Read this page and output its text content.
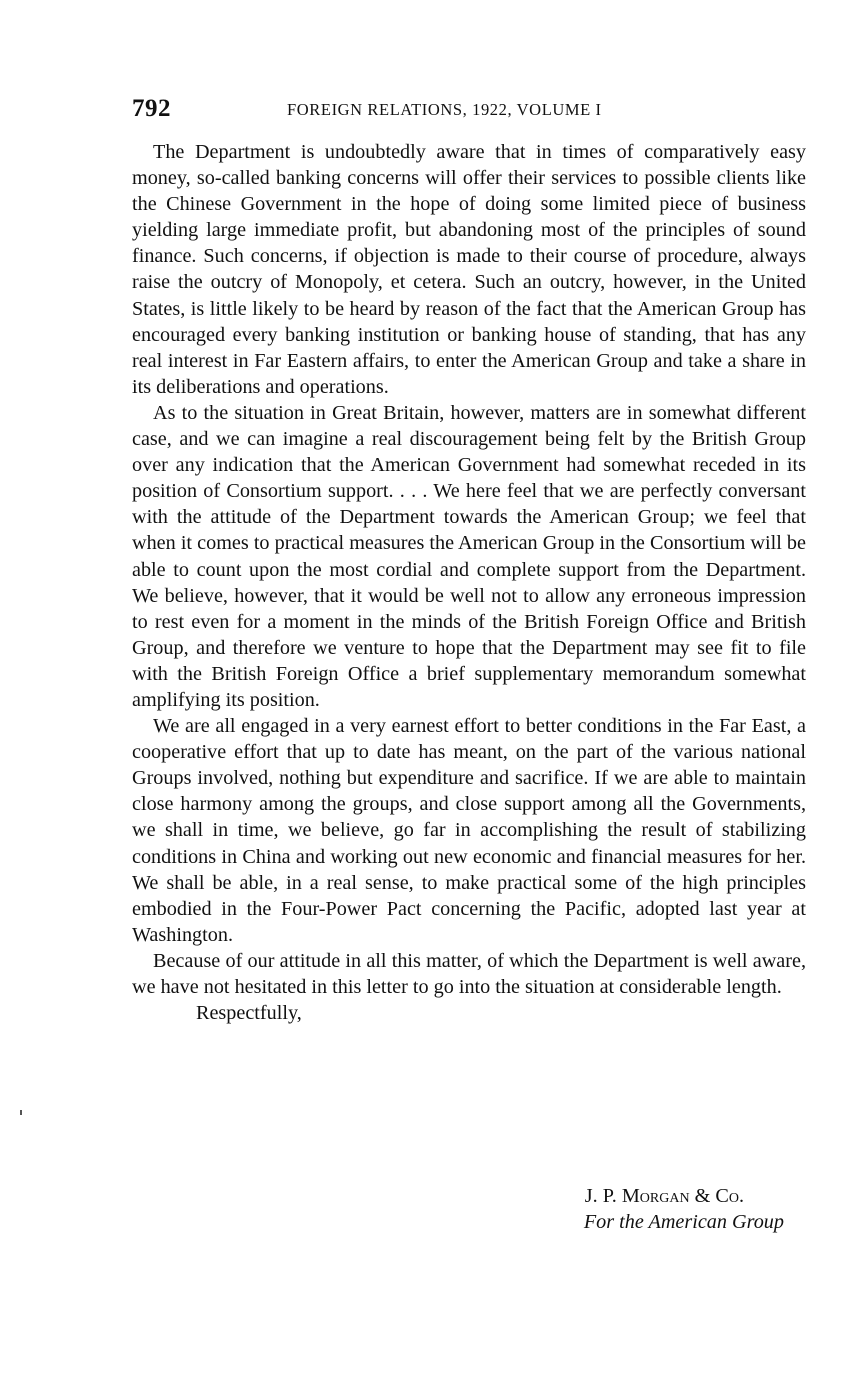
792	FOREIGN RELATIONS, 1922, VOLUME I

The Department is undoubtedly aware that in times of comparatively easy money, so-called banking concerns will offer their services to possible clients like the Chinese Government in the hope of doing some limited piece of business yielding large immediate profit, but abandoning most of the principles of sound finance. Such concerns, if objection is made to their course of procedure, always raise the outcry of Monopoly, et cetera. Such an outcry, however, in the United States, is little likely to be heard by reason of the fact that the American Group has encouraged every banking institution or banking house of standing, that has any real interest in Far Eastern affairs, to enter the American Group and take a share in its deliberations and operations.

As to the situation in Great Britain, however, matters are in somewhat different case, and we can imagine a real discouragement being felt by the British Group over any indication that the American Government had somewhat receded in its position of Consortium support. . . . We here feel that we are perfectly conversant with the attitude of the Department towards the American Group; we feel that when it comes to practical measures the American Group in the Consortium will be able to count upon the most cordial and complete support from the Department. We believe, however, that it would be well not to allow any erroneous impression to rest even for a moment in the minds of the British Foreign Office and British Group, and therefore we venture to hope that the Department may see fit to file with the British Foreign Office a brief supplementary memorandum somewhat amplifying its position.

We are all engaged in a very earnest effort to better conditions in the Far East, a cooperative effort that up to date has meant, on the part of the various national Groups involved, nothing but expenditure and sacrifice. If we are able to maintain close harmony among the groups, and close support among all the Governments, we shall in time, we believe, go far in accomplishing the result of stabilizing conditions in China and working out new economic and financial measures for her. We shall be able, in a real sense, to make practical some of the high principles embodied in the Four-Power Pact concerning the Pacific, adopted last year at Washington.

Because of our attitude in all this matter, of which the Department is well aware, we have not hesitated in this letter to go into the situation at considerable length.

Respectfully,

J. P. Morgan & Co.
For the American Group
